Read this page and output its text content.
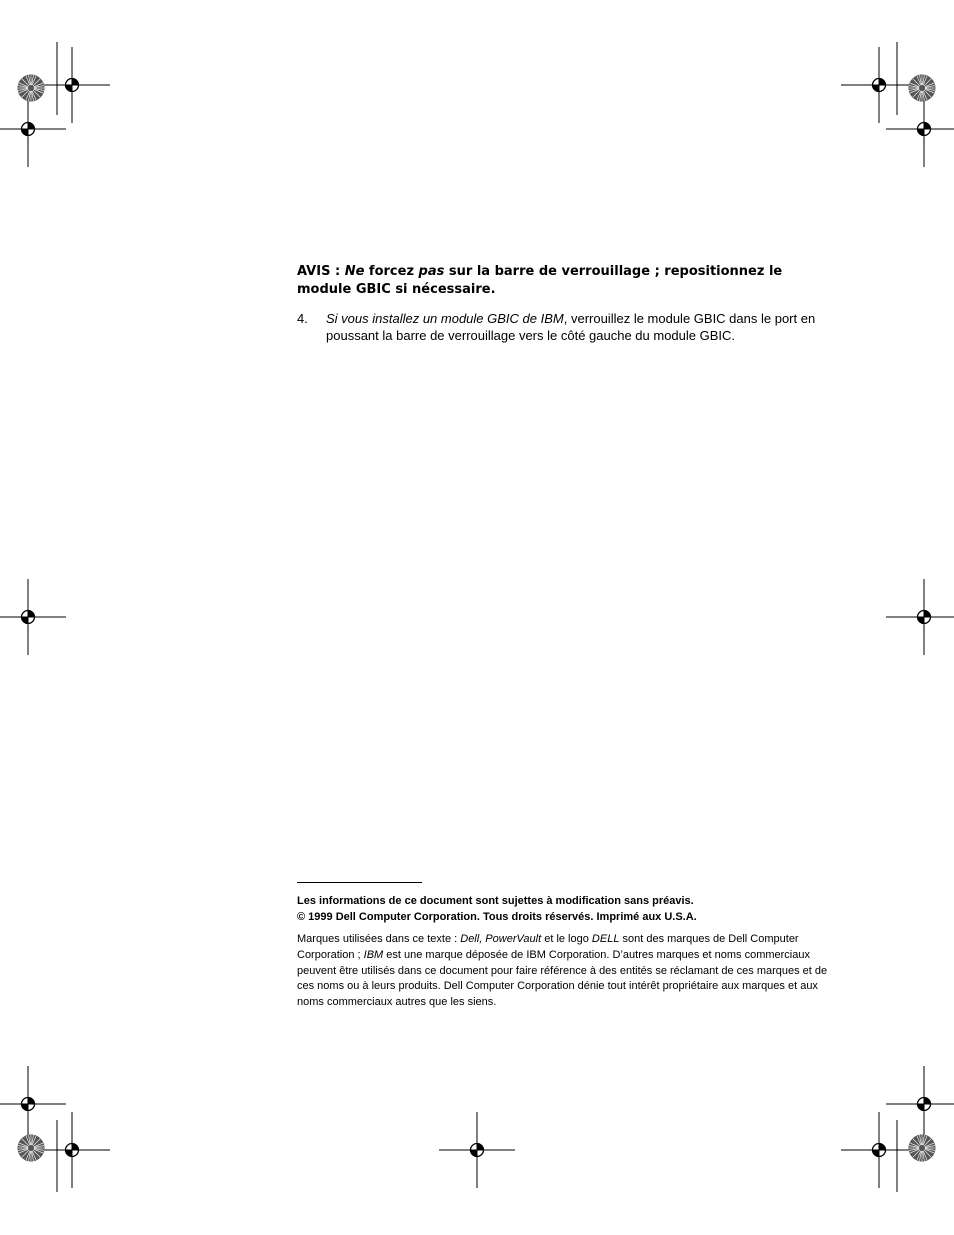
AVIS : Ne forcez pas sur la barre de verrouillage ; repositionnez le module GBIC si nécessaire.

4. Si vous installez un module GBIC de IBM, verrouillez le module GBIC dans le port en poussant la barre de verrouillage vers le côté gauche du module GBIC.
Les informations de ce document sont sujettes à modification sans préavis.
© 1999 Dell Computer Corporation. Tous droits réservés. Imprimé aux U.S.A.

Marques utilisées dans ce texte : Dell, PowerVault et le logo DELL sont des marques de Dell Computer Corporation ; IBM est une marque déposée de IBM Corporation. D’autres marques et noms commerciaux peuvent être utilisés dans ce document pour faire référence à des entités se réclamant de ces marques et de ces noms ou à leurs produits. Dell Computer Corporation dénie tout intérêt propriétaire aux marques et aux noms commerciaux autres que les siens.
